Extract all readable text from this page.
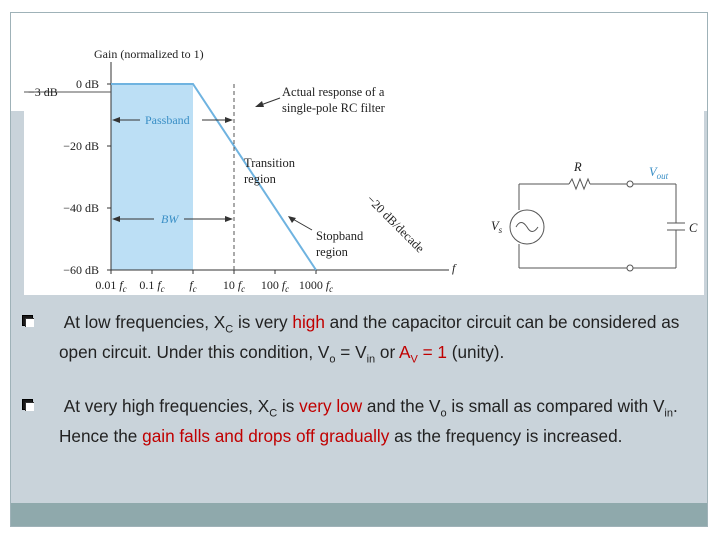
Gain (normalized to 1)
−3 dB
0 dB
−20 dB
−40 dB
−60 dB
0.01 $f_c$ 0.1 $f_c$ $f_c$ 10 $f_c$ 100 $f_c$ 1000 $f_c$
f
Passband
BW
Actual response of a
single-pole RC filter
Transition
region
Stopband
region −20 dB/decade
R
C
$V_s$
$V_{out}$
At low frequencies, $X_C$ is very high and the capacitor circuit can be considered as open circuit. Under this condition, $V_o = V_{in}$ or $A_V = 1$ (unity).
At very high frequencies, $X_C$ is very low and the $V_o$ is small as compared with $V_{in}$. Hence the gain falls and drops off gradually as the frequency is increased.
